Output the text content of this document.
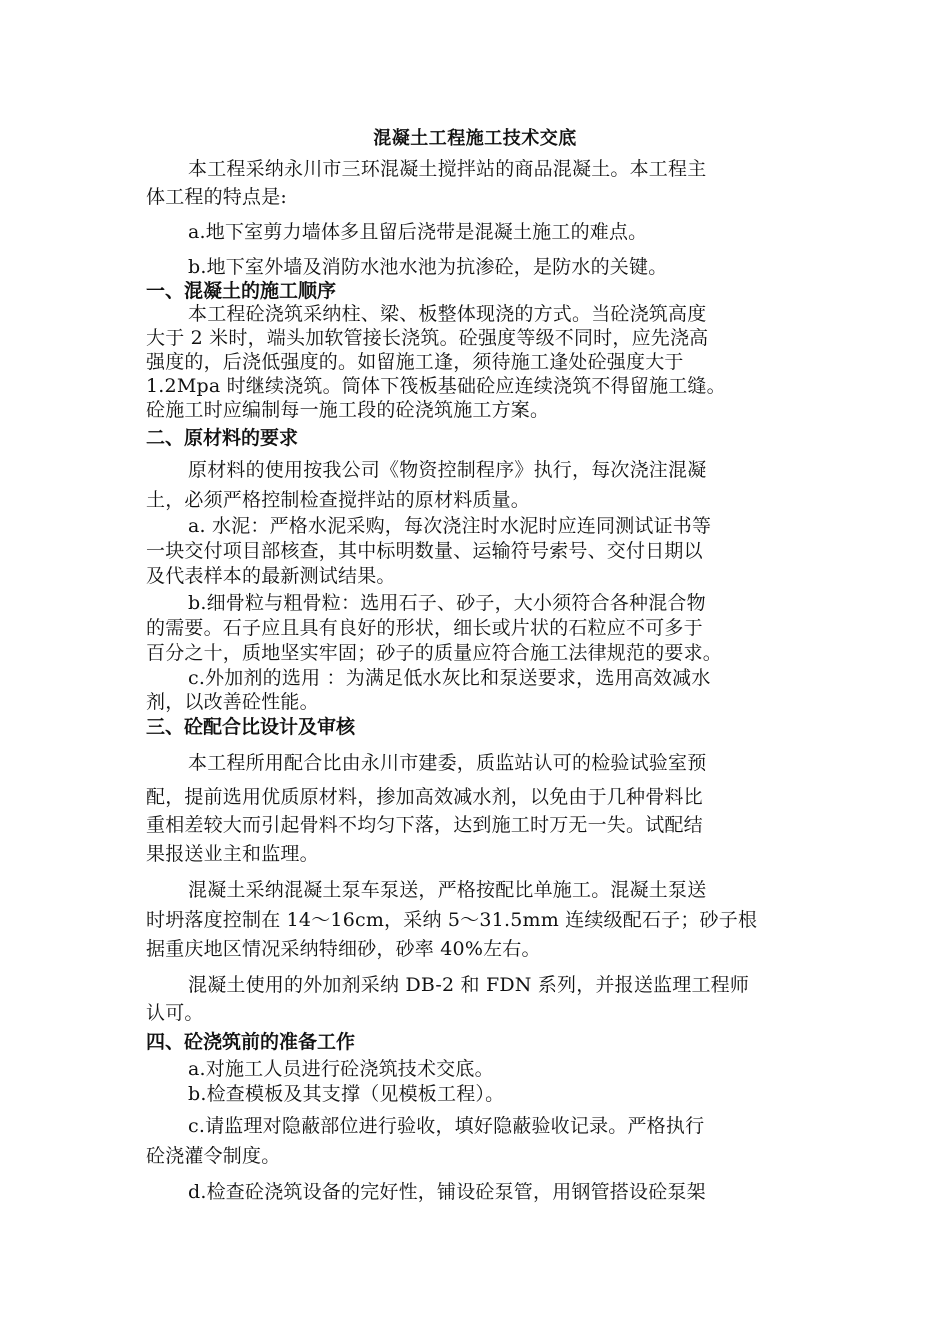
混凝土工程施工技术交底

本工程采纳永川市三环混凝土搅拌站的商品混凝土。本工程主

体工程的特点是:

a.地下室剪力墙体多且留后浇带是混凝土施工的难点。

b.地下室外墙及消防水池水池为抗渗砼，是防水的关键。

一、混凝土的施工顺序

本工程砼浇筑采纳柱、梁、板整体现浇的方式。当砼浇筑高度

大于 2 米时，端头加软管接长浇筑。砼强度等级不同时，应先浇高

强度的，后浇低强度的。如留施工逢，须待施工逢处砼强度大于

1.2Mpa 时继续浇筑。筒体下筏板基础砼应连续浇筑不得留施工缝。

砼施工时应编制每一施工段的砼浇筑施工方案。

二、原材料的要求

原材料的使用按我公司《物资控制程序》执行，每次浇注混凝

土，必须严格控制检查搅拌站的原材料质量。

a. 水泥：严格水泥采购，每次浇注时水泥时应连同测试证书等

一块交付项目部核查，其中标明数量、运输符号索号、交付日期以

及代表样本的最新测试结果。

b.细骨粒与粗骨粒：选用石子、砂子，大小须符合各种混合物

的需要。石子应且具有良好的形状，细长或片状的石粒应不可多于

百分之十，质地坚实牢固；砂子的质量应符合施工法律规范的要求。

c.外加剂的选用 ：为满足低水灰比和泵送要求，选用高效减水

剂，以改善砼性能。

三、砼配合比设计及审核

本工程所用配合比由永川市建委，质监站认可的检验试验室预

配，提前选用优质原材料，掺加高效减水剂，以免由于几种骨料比

重相差较大而引起骨料不均匀下落，达到施工时万无一失。试配结

果报送业主和监理。

混凝土采纳混凝土泵车泵送，严格按配比单施工。混凝土泵送

时坍落度控制在 14～16cm，采纳 5～31.5mm 连续级配石子；砂子根

据重庆地区情况采纳特细砂，砂率 40%左右。

混凝土使用的外加剂采纳 DB-2 和 FDN 系列，并报送监理工程师

认可。

四、砼浇筑前的准备工作

a.对施工人员进行砼浇筑技术交底。

b.检查模板及其支撑（见模板工程）。

c.请监理对隐蔽部位进行验收，填好隐蔽验收记录。严格执行

砼浇灌令制度。

d.检查砼浇筑设备的完好性，铺设砼泵管，用钢管搭设砼泵架
